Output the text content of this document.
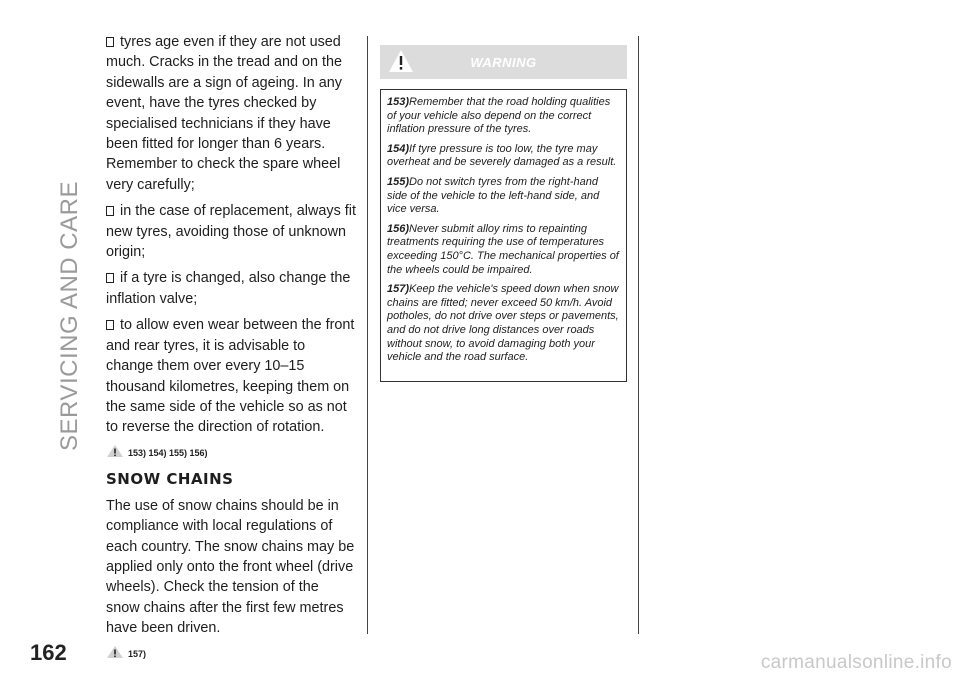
SERVICING AND CARE
162

tyres age even if they are not used much. Cracks in the tread and on the sidewalls are a sign of ageing. In any event, have the tyres checked by specialised technicians if they have been fitted for longer than 6 years. Remember to check the spare wheel very carefully;

in the case of replacement, always fit new tyres, avoiding those of unknown origin;

if a tyre is changed, also change the inflation valve;

to allow even wear between the front and rear tyres, it is advisable to change them over every 10–15 thousand kilometres, keeping them on the same side of the vehicle so as not to reverse the direction of rotation.

153) 154) 155) 156)
SNOW CHAINS

The use of snow chains should be in compliance with local regulations of each country. The snow chains may be applied only onto the front wheel (drive wheels). Check the tension of the snow chains after the first few metres have been driven.

157)
WARNING

153)Remember that the road holding qualities of your vehicle also depend on the correct inflation pressure of the tyres.

154)If tyre pressure is too low, the tyre may overheat and be severely damaged as a result.

155)Do not switch tyres from the right-hand side of the vehicle to the left-hand side, and vice versa.

156)Never submit alloy rims to repainting treatments requiring the use of temperatures exceeding 150°C. The mechanical properties of the wheels could be impaired.

157)Keep the vehicle's speed down when snow chains are fitted; never exceed 50 km/h. Avoid potholes, do not drive over steps or pavements, and do not drive long distances over roads without snow, to avoid damaging both your vehicle and the road surface.

carmanualsonline.info
